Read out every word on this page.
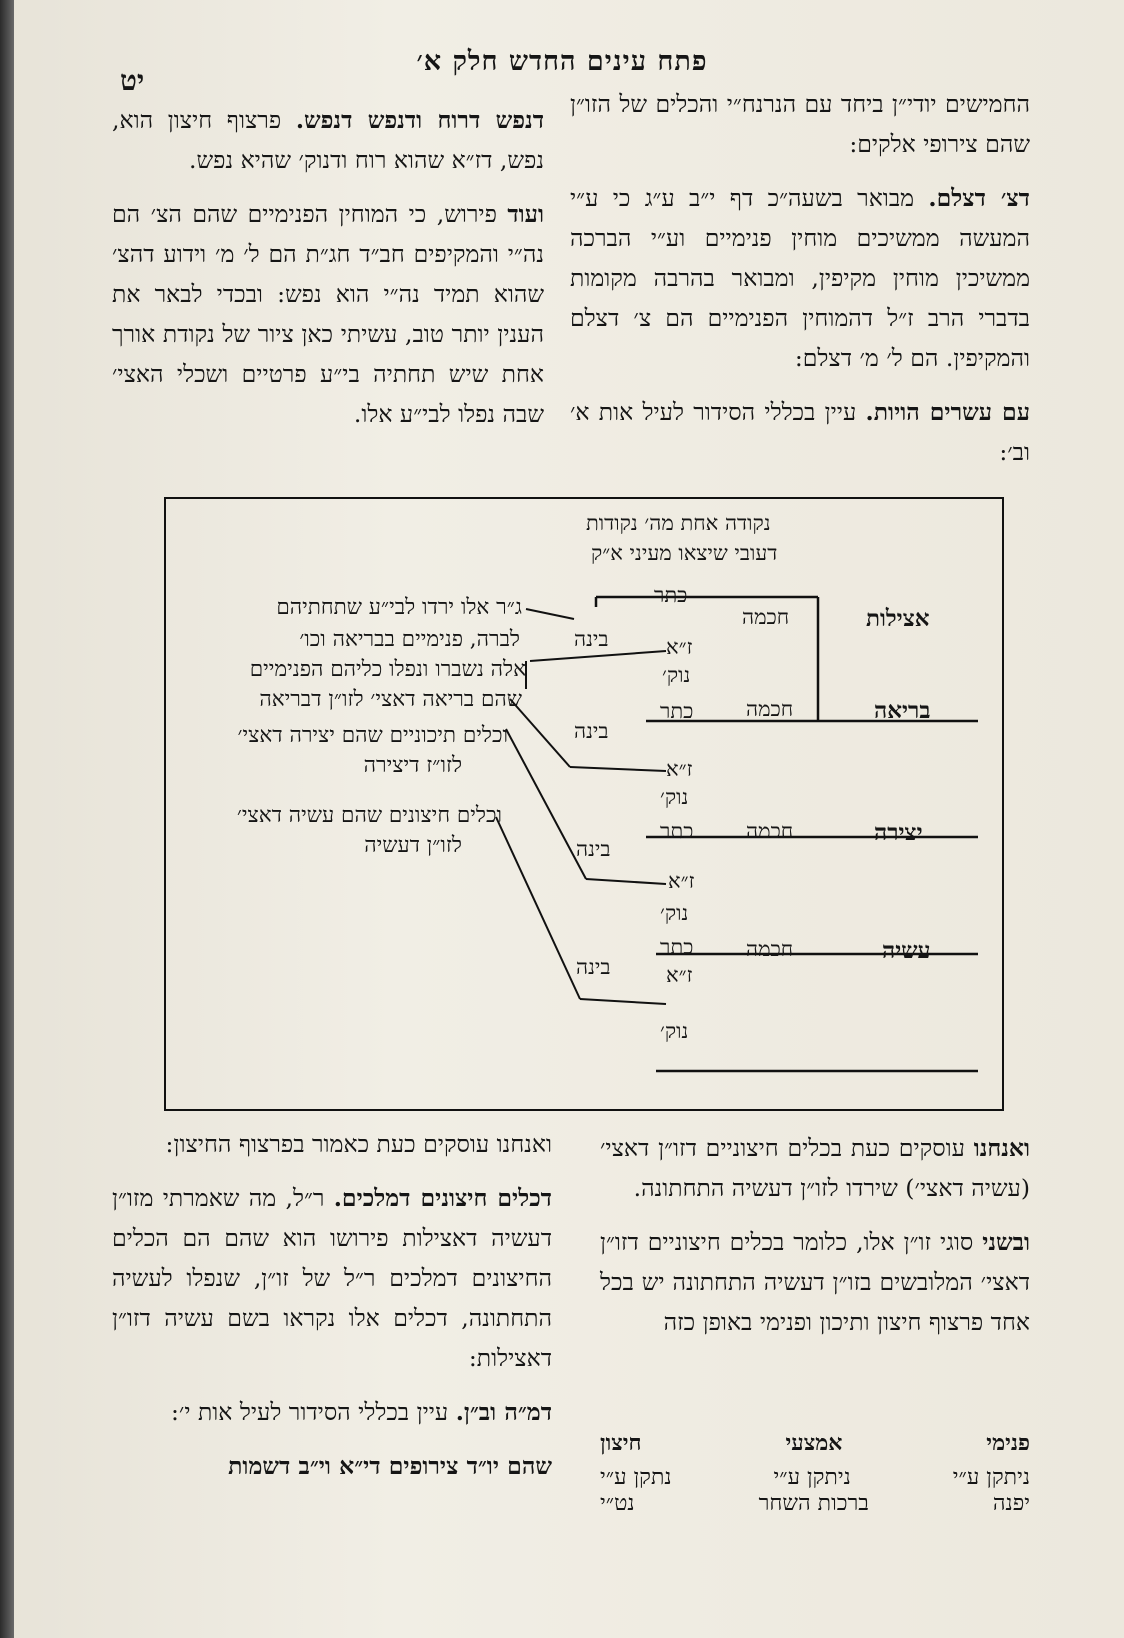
פתח עינים החדש חלק א׳
יט

החמישים יודי״ן ביחד עם הנרנח״י והכלים של הזו״ן שהם צירופי אלקים:

דצ׳ דצלם. מבואר בשעה״כ דף י״ב ע״ג כי ע״י המעשה ממשיכים מוחין פנימיים וע״י הברכה ממשיכין מוחין מקיפין, ומבואר בהרבה מקומות בדברי הרב ז״ל דהמוחין הפנימיים הם צ׳ דצלם והמקיפין. הם ל׳ מ׳ דצלם:

עם עשרים הויות. עיין בכללי הסידור לעיל אות א׳ וב׳:

דנפש דרוח ודנפש דנפש. פרצוף חיצון הוא, נפש, דז״א שהוא רוח ודנוק׳ שהיא נפש.

ועוד פירוש, כי המוחין הפנימיים שהם הצ׳ הם נה״י והמקיפים חב״ד חג״ת הם ל׳ מ׳ וידוע דהצ׳ שהוא תמיד נה״י הוא נפש: ובכדי לבאר את הענין יותר טוב, עשיתי כאן ציור של נקודת אורך אחת שיש תחתיה בי״ע פרטיים ושכלי האצי׳ שבה נפלו לבי״ע אלו.

נקודה אחת מה׳ נקודות
דעובי שיצאו מעיני א״ק
אצילות
חכמה
כתר
בינה	ז״א
נוק׳
בריאה
חכמה
כתר
בינה
ז״א
נוק׳
יצירה
חכמה
כתר
בינה
ז״א
נוק׳
עשיה
חכמה
כתר
בינה	ז״א
נוק׳
ג״ר אלו ירדו לבי״ע שתחתיהם
לברה, פנימיים בבריאה וכו׳
אלה נשברו ונפלו כליהם הפנימיים
שהם בריאה דאצי׳ לזו״ן דבריאה
וכלים תיכוניים שהם יצירה דאצי׳
לזו״ז דיצירה
וכלים חיצונים שהם עשיה דאצי׳
לזו״ן דעשיה

ואנחנו עוסקים כעת בכלים חיצוניים דזו״ן דאצי׳ (עשיה דאצי׳) שירדו לזו״ן דעשיה התחתונה.

ובשני סוגי זו״ן אלו, כלומר בכלים חיצוניים דזו״ן דאצי׳ המלובשים בזו״ן דעשיה התחתונה יש בכל אחד פרצוף חיצון ותיכון ופנימי באופן כזה

פנימי
אמצעי
חיצון
ניתקן ע״י
ניתקן ע״י
נתקן ע״י
יפנה
ברכות השחר
נט״י

ואנחנו עוסקים כעת כאמור בפרצוף החיצון:

דכלים חיצונים דמלכים. ר״ל, מה שאמרתי מזו״ן דעשיה דאצילות פירושו הוא שהם הם הכלים החיצונים דמלכים ר״ל של זו״ן, שנפלו לעשיה התחתונה, דכלים אלו נקראו בשם עשיה דזו״ן דאצילות:

דמ״ה וב״ן. עיין בכללי הסידור לעיל אות י׳:

שהם יו״ד צירופים די״א וי״ב דשמות
